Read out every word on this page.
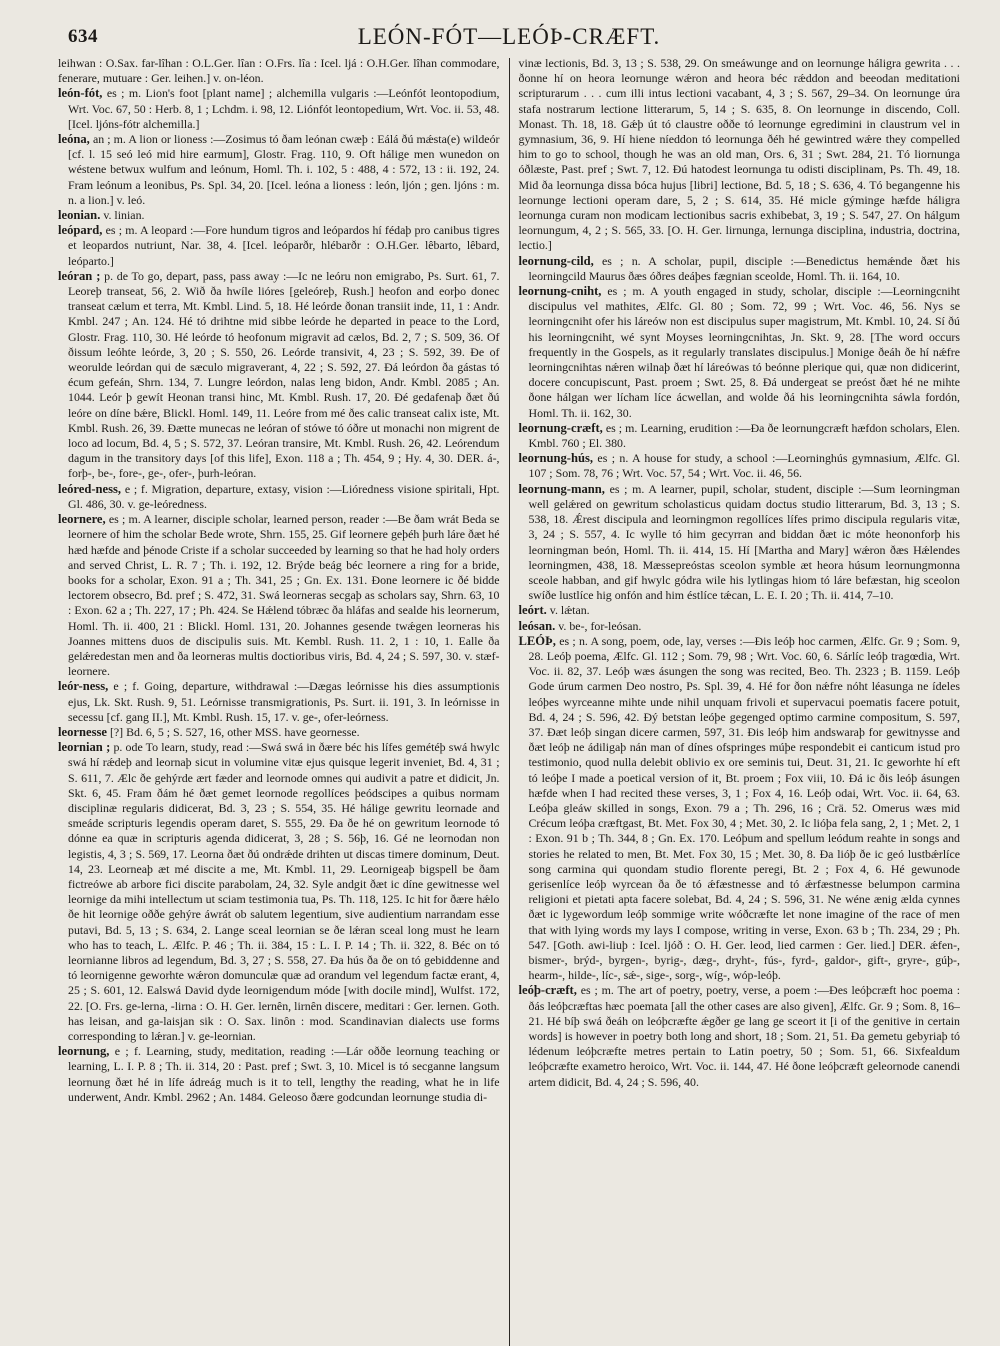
634	LEÓN-FÓT—LEÓÞ-CRÆFT.

leihwan : O.Sax. far-lîhan : O.L.Ger. lîan : O.Frs. lîa : Icel. ljá : O.H.Ger. lîhan commodare, fenerare, mutuare : Ger. leihen.] v. on-léon.

león-fót, es ; m. Lion's foot [plant name] ; alchemilla vulgaris :—Leónfót leontopodium, Wrt. Voc. 67, 50 : Herb. 8, 1 ; Lchdm. i. 98, 12. Liónfót leontopedium, Wrt. Voc. ii. 53, 48. [Icel. ljóns-fótr alchemilla.]

leóna, an ; m. A lion or lioness :—Zosimus tó ðam leónan cwæþ : Eálá ðú mǽsta(e) wildeór [cf. l. 15 seó leó mid hire earmum], Glostr. Frag. 110, 9. Oft hálige men wunedon on wéstene betwux wulfum and leónum, Homl. Th. i. 102, 5 : 488, 4 : 572, 13 : ii. 192, 24. Fram leónum a leonibus, Ps. Spl. 34, 20. [Icel. leóna a lioness : león, ljón ; gen. ljóns : m. n. a lion.] v. leó.

leonian. v. linian.

leópard, es ; m. A leopard :—Fore hundum tigros and leópardos hí fédaþ pro canibus tigres et leopardos nutriunt, Nar. 38, 4. [Icel. leóparðr, hlébarðr : O.H.Ger. lêbarto, lêbard, leóparto.]

leóran ; p. de To go, depart, pass, pass away :—Ic ne leóru non emigrabo, Ps. Surt. 61, 7. Leoreþ transeat, 56, 2. Wið ða hwíle lióres [geleóreþ, Rush.] heofon and eorþo donec transeat cælum et terra, Mt. Kmbl. Lind. 5, 18. Hé leórde ðonan transiit inde, 11, 1 : Andr. Kmbl. 247 ; An. 124. Hé tó drihtne mid sibbe leórde he departed in peace to the Lord, Glostr. Frag. 110, 30. Hé leórde tó heofonum migravit ad cælos, Bd. 2, 7 ; S. 509, 36. Of ðissum leóhte leórde, 3, 20 ; S. 550, 26. Leórde transivit, 4, 23 ; S. 592, 39. Ðe of weorulde leórdan qui de sæculo migraverant, 4, 22 ; S. 592, 27. Ðá leórdon ða gástas tó écum gefeán, Shrn. 134, 7. Lungre leórdon, nalas leng bidon, Andr. Kmbl. 2085 ; An. 1044. Leór þ gewít Heonan transi hinc, Mt. Kmbl. Rush. 17, 20. Ðé gedafenaþ ðæt ðú leóre on díne bǽre, Blickl. Homl. 149, 11. Leóre from mé ðes calic transeat calix iste, Mt. Kmbl. Rush. 26, 39. Ðætte munecas ne leóran of stówe tó óðre ut monachi non migrent de loco ad locum, Bd. 4, 5 ; S. 572, 37. Leóran transire, Mt. Kmbl. Rush. 26, 42. Leórendum dagum in the transitory days [of this life], Exon. 118 a ; Th. 454, 9 ; Hy. 4, 30. DER. á-, forþ-, be-, fore-, ge-, ofer-, þurh-leóran.

leóred-ness, e ; f. Migration, departure, extasy, vision :—Lióredness visione spiritali, Hpt. Gl. 486, 30. v. ge-leóredness.

leornere, es ; m. A learner, disciple scholar, learned person, reader :—Be ðam wrát Beda se leornere of him the scholar Bede wrote, Shrn. 155, 25. Gif leornere geþéh þurh láre ðæt hé hæd hæfde and þénode Criste if a scholar succeeded by learning so that he had holy orders and served Christ, L. R. 7 ; Th. i. 192, 12. Brýde beág béc leornere a ring for a bride, books for a scholar, Exon. 91 a ; Th. 341, 25 ; Gn. Ex. 131. Ðone leornere ic ðé bidde lectorem obsecro, Bd. pref ; S. 472, 31. Swá leorneras secgaþ as scholars say, Shrn. 63, 10 : Exon. 62 a ; Th. 227, 17 ; Ph. 424. Se Hǽlend tóbræc ða hláfas and sealde his leornerum, Homl. Th. ii. 400, 21 : Blickl. Homl. 131, 20. Johannes gesende twǽgen leorneras his Joannes mittens duos de discipulis suis. Mt. Kembl. Rush. 11. 2, 1 : 10, 1. Ealle ða gelǽredestan men and ða leorneras multis doctioribus viris, Bd. 4, 24 ; S. 597, 30. v. stæf-leornere.

leór-ness, e ; f. Going, departure, withdrawal :—Dægas leórnisse his dies assumptionis ejus, Lk. Skt. Rush. 9, 51. Leórnisse transmigrationis, Ps. Surt. ii. 191, 3. In leórnisse in secessu [cf. gang II.], Mt. Kmbl. Rush. 15, 17. v. ge-, ofer-leórness.

leornesse [?] Bd. 6, 5 ; S. 527, 16, other MSS. have geornesse.

leornian ; p. ode To learn, study, read :—Swá swá in ðære béc his lífes gemétéþ swá hwylc swá hí rǽdeþ and leornaþ sicut in volumine vitæ ejus quisque legerit inveniet, Bd. 4, 31 ; S. 611, 7. Ælc ðe gehýrde ært fæder and leornode omnes qui audivit a patre et didicit, Jn. Skt. 6, 45. Fram ðám hé ðæt gemet leornode regollíces þeódscipes a quibus normam disciplinæ regularis didicerat, Bd. 3, 23 ; S. 554, 35. Hé hálige gewritu leornade and smeáde scripturis legendis operam daret, S. 555, 29. Ða ðe hé on gewritum leornode tó dónne ea quæ in scripturis agenda didicerat, 3, 28 ; S. 56þ, 16. Gé ne leornodan non legistis, 4, 3 ; S. 569, 17. Leorna ðæt ðú ondrǽde drihten ut discas timere dominum, Deut. 14, 23. Leorneaþ æt mé discite a me, Mt. Kmbl. 11, 29. Leornigeaþ bigspell be ðam fictreówe ab arbore fici discite parabolam, 24, 32. Syle andgit ðæt ic díne gewitnesse wel leornige da mihi intellectum ut sciam testimonia tua, Ps. Th. 118, 125. Ic hit for ðære hǽlo ðe hit leornige oððe gehýre áwrát ob salutem legentium, sive audientium narrandam esse putavi, Bd. 5, 13 ; S. 634, 2. Lange sceal leornian se ðe lǽran sceal long must he learn who has to teach, L. Ælfc. P. 46 ; Th. ii. 384, 15 : L. I. P. 14 ; Th. ii. 322, 8. Béc on tó leornianne libros ad legendum, Bd. 3, 27 ; S. 558, 27. Ða hús ða ðe on tó gebiddenne and tó leornigenne geworhte wǽron domunculæ quæ ad orandum vel legendum factæ erant, 4, 25 ; S. 601, 12. Ealswá David dyde leornigendum móde [with docile mind], Wulfst. 172, 22. [O. Frs. ge-lerna, -lirna : O. H. Ger. lernên, lirnên discere, meditari : Ger. lernen. Goth. has leisan, and ga-laisjan sik : O. Sax. linôn : mod. Scandinavian dialects use forms corresponding to lǽran.] v. ge-leornian.

leornung, e ; f. Learning, study, meditation, reading :—Lár oððe leornung teaching or learning, L. I. P. 8 ; Th. ii. 314, 20 : Past. pref ; Swt. 3, 10. Micel is tó secganne langsum leornung ðæt hé in lífe ádreág much is it to tell, lengthy the reading, what he in life underwent, Andr. Kmbl. 2962 ; An. 1484. Geleoso ðære godcundan leornunge studia di-

vinæ lectionis, Bd. 3, 13 ; S. 538, 29. On smeáwunge and on leornunge háligra gewrita . . . ðonne hí on heora leornunge wǽron and heora béc rǽddon and beeodan meditationi scripturarum . . . cum illi intus lectioni vacabant, 4, 3 ; S. 567, 29–34. On leornunge úra stafa nostrarum lectione litterarum, 5, 14 ; S. 635, 8. On leornunge in discendo, Coll. Monast. Th. 18, 18. Gǽþ út tó claustre oððe tó leornunge egredimini in claustrum vel in gymnasium, 36, 9. Hí hiene níeddon tó leornunga ðéh hé gewintred wǽre they compelled him to go to school, though he was an old man, Ors. 6, 31 ; Swt. 284, 21. Tó liornunga óðlæste, Past. pref ; Swt. 7, 12. Ðú hatodest leornunga tu odisti disciplinam, Ps. Th. 49, 18. Mid ða leornunga dissa bóca hujus [libri] lectione, Bd. 5, 18 ; S. 636, 4. Tó begangenne his leornunge lectioni operam dare, 5, 2 ; S. 614, 35. Hé micle gýminge hæfde háligra leornunga curam non modicam lectionibus sacris exhibebat, 3, 19 ; S. 547, 27. On hálgum leornungum, 4, 2 ; S. 565, 33. [O. H. Ger. lirnunga, lernunga disciplina, industria, doctrina, lectio.]

leornung-cild, es ; n. A scholar, pupil, disciple :—Benedictus hemǽnde ðæt his leorningcild Maurus ðæs óðres deáþes fægnian sceolde, Homl. Th. ii. 164, 10.

leornung-cniht, es ; m. A youth engaged in study, scholar, disciple :—Leorningcniht discipulus vel mathites, Ælfc. Gl. 80 ; Som. 72, 99 ; Wrt. Voc. 46, 56. Nys se leorningcniht ofer his láreów non est discipulus super magistrum, Mt. Kmbl. 10, 24. Sí ðú his leorningcniht, wé synt Moyses leorningcnihtas, Jn. Skt. 9, 28. [The word occurs frequently in the Gospels, as it regularly translates discipulus.] Monige ðeáh ðe hí nǽfre leorningcnihtas nǽren wilnaþ ðæt hí láreówas tó beónne plerique qui, quæ non didicerint, docere concupiscunt, Past. proem ; Swt. 25, 8. Ðá undergeat se preóst ðæt hé ne mihte ðone hálgan wer lícham líce ácwellan, and wolde ðá his leorningcnihta sáwla fordón, Homl. Th. ii. 162, 30.

leornung-cræft, es ; m. Learning, erudition :—Ða ðe leornungcræft hæfdon scholars, Elen. Kmbl. 760 ; El. 380.

leornung-hús, es ; n. A house for study, a school :—Leorninghús gymnasium, Ælfc. Gl. 107 ; Som. 78, 76 ; Wrt. Voc. 57, 54 ; Wrt. Voc. ii. 46, 56.

leornung-mann, es ; m. A learner, pupil, scholar, student, disciple :—Sum leorningman well gelǽred on gewritum scholasticus quidam doctus studio litterarum, Bd. 3, 13 ; S. 538, 18. Ǽrest discipula and leorningmon regollíces lífes primo discipula regularis vitæ, 3, 24 ; S. 557, 4. Ic wylle tó him gecyrran and biddan ðæt ic móte heononforþ his leorningman beón, Homl. Th. ii. 414, 15. Hí [Martha and Mary] wǽron ðæs Hǽlendes leorningmen, 438, 18. Mæssepreóstas sceolon symble æt heora húsum leornungmonna sceole habban, and gif hwylc gódra wile his lytlingas hiom tó láre befæstan, hig sceolon swíðe lustlíce hig onfón and him éstlíce tǽcan, L. E. I. 20 ; Th. ii. 414, 7–10.

leórt. v. lǽtan.

leósan. v. be-, for-leósan.

LEÓÞ, es ; n. A song, poem, ode, lay, verses :—Ðis leóþ hoc carmen, Ælfc. Gr. 9 ; Som. 9, 28. Leóþ poema, Ælfc. Gl. 112 ; Som. 79, 98 ; Wrt. Voc. 60, 6. Sárlíc leóþ tragœdia, Wrt. Voc. ii. 82, 37. Leóþ wæs ásungen the song was recited, Beo. Th. 2323 ; B. 1159. Leóþ Gode úrum carmen Deo nostro, Ps. Spl. 39, 4. Hé for ðon nǽfre nóht léasunga ne ídeles leóþes wyrceanne mihte unde nihil unquam frivoli et supervacui poematis facere potuit, Bd. 4, 24 ; S. 596, 42. Ðý betstan leóþe gegenged optimo carmine compositum, S. 597, 37. Ðæt leóþ singan dicere carmen, 597, 31. Ðis leóþ him andswaraþ for gewitnysse and ðæt leóþ ne ádiligaþ nán man of dínes ofspringes múþe respondebit ei canticum istud pro testimonio, quod nulla delebit oblivio ex ore seminis tui, Deut. 31, 21. Ic geworhte hí eft tó leóþe I made a poetical version of it, Bt. proem ; Fox viii, 10. Ðá ic ðis leóþ ásungen hæfde when I had recited these verses, 3, 1 ; Fox 4, 16. Leóþ odai, Wrt. Voc. ii. 64, 63. Leóþa gleáw skilled in songs, Exon. 79 a ; Th. 296, 16 ; Crä. 52. Omerus wæs mid Crécum leóþa cræftgast, Bt. Met. Fox 30, 4 ; Met. 30, 2. Ic lióþa fela sang, 2, 1 ; Met. 2, 1 : Exon. 91 b ; Th. 344, 8 ; Gn. Ex. 170. Leóþum and spellum leódum reahte in songs and stories he related to men, Bt. Met. Fox 30, 15 ; Met. 30, 8. Ða lióþ ðe ic geó lustbǽrlíce song carmina qui quondam studio florente peregi, Bt. 2 ; Fox 4, 6. Hé gewunode gerisenlíce leóþ wyrcean ða ðe tó ǽfæstnesse and tó ǽrfæstnesse belumpon carmina religioni et pietati apta facere solebat, Bd. 4, 24 ; S. 596, 31. Ne wéne ænig ælda cynnes ðæt ic lygewordum leóþ sommige write wóðcræfte let none imagine of the race of men that with lying words my lays I compose, writing in verse, Exon. 63 b ; Th. 234, 29 ; Ph. 547. [Goth. awi-liuþ : Icel. ljóð : O. H. Ger. leod, lied carmen : Ger. lied.] DER. ǽfen-, bismer-, brýd-, byrgen-, byrig-, dæg-, dryht-, fús-, fyrd-, galdor-, gift-, gryre-, gúþ-, hearm-, hilde-, líc-, sǽ-, sige-, sorg-, wíg-, wóp-leóþ.

leóþ-cræft, es ; m. The art of poetry, poetry, verse, a poem :—Ðes leóþcræft hoc poema : ðás leóþcræftas hæc poemata [all the other cases are also given], Ælfc. Gr. 9 ; Som. 8, 16–21. Hé bíþ swá ðeáh on leóþcræfte ǽgðer ge lang ge sceort it [i of the genitive in certain words] is however in poetry both long and short, 18 ; Som. 21, 51. Ða gemetu gebyriaþ tó lédenum leóþcræfte metres pertain to Latin poetry, 50 ; Som. 51, 66. Sixfealdum leóþcræfte exametro heroico, Wrt. Voc. ii. 144, 47. Hé ðone leóþcræft geleornode canendi artem didicit, Bd. 4, 24 ; S. 596, 40.
